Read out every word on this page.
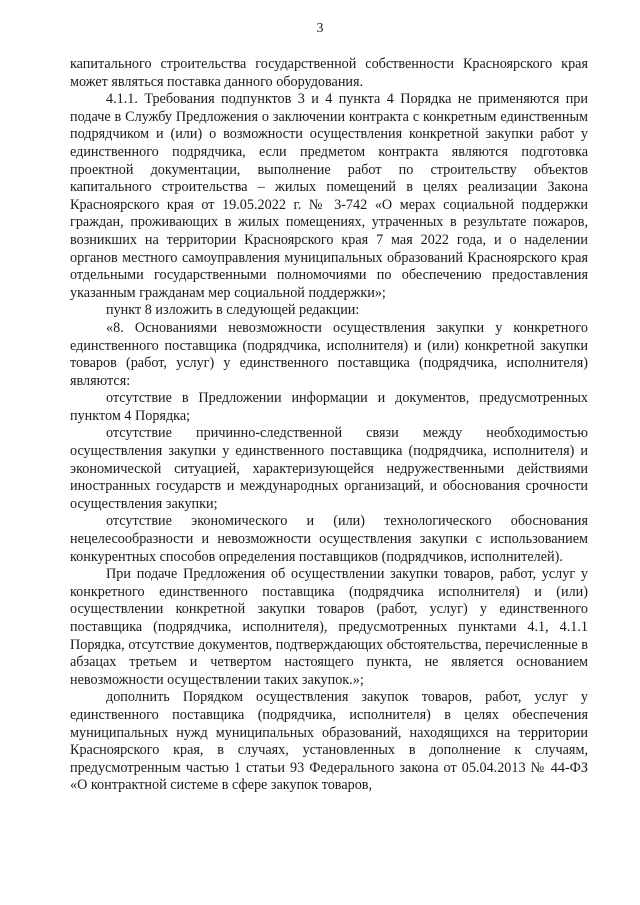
3

капитального строительства государственной собственности Красноярского края может являться поставка данного оборудования.

4.1.1. Требования подпунктов 3 и 4 пункта 4 Порядка не применяются при подаче в Службу Предложения о заключении контракта с конкретным единственным подрядчиком и (или) о возможности осуществления конкретной закупки работ у единственного подрядчика, если предметом контракта являются подготовка проектной документации, выполнение работ по строительству объектов капитального строительства – жилых помещений в целях реализации Закона Красноярского края от 19.05.2022 г. № 3-742 «О мерах социальной поддержки граждан, проживающих в жилых помещениях, утраченных в результате пожаров, возникших на территории Красноярского края 7 мая 2022 года, и о наделении органов местного самоуправления муниципальных образований Красноярского края отдельными государственными полномочиями по обеспечению предоставления указанным гражданам мер социальной поддержки»;

пункт 8 изложить в следующей редакции:

«8. Основаниями невозможности осуществления закупки у конкретного единственного поставщика (подрядчика, исполнителя) и (или) конкретной закупки товаров (работ, услуг) у единственного поставщика (подрядчика, исполнителя) являются:

отсутствие в Предложении информации и документов, предусмотренных пунктом 4 Порядка;

отсутствие причинно-следственной связи между необходимостью осуществления закупки у единственного поставщика (подрядчика, исполнителя) и экономической ситуацией, характеризующейся недружественными действиями иностранных государств и международных организаций, и обоснования срочности осуществления закупки;

отсутствие экономического и (или) технологического обоснования нецелесообразности и невозможности осуществления закупки с использованием конкурентных способов определения поставщиков (подрядчиков, исполнителей).

При подаче Предложения об осуществлении закупки товаров, работ, услуг у конкретного единственного поставщика (подрядчика исполнителя) и (или) осуществлении конкретной закупки товаров (работ, услуг) у единственного поставщика (подрядчика, исполнителя), предусмотренных пунктами 4.1, 4.1.1 Порядка, отсутствие документов, подтверждающих обстоятельства, перечисленные в абзацах третьем и четвертом настоящего пункта, не является основанием невозможности осуществлении таких закупок.»;

дополнить Порядком осуществления закупок товаров, работ, услуг у единственного поставщика (подрядчика, исполнителя) в целях обеспечения муниципальных нужд муниципальных образований, находящихся на территории Красноярского края, в случаях, установленных в дополнение к случаям, предусмотренным частью 1 статьи 93 Федерального закона от 05.04.2013 № 44-ФЗ «О контрактной системе в сфере закупок товаров,
